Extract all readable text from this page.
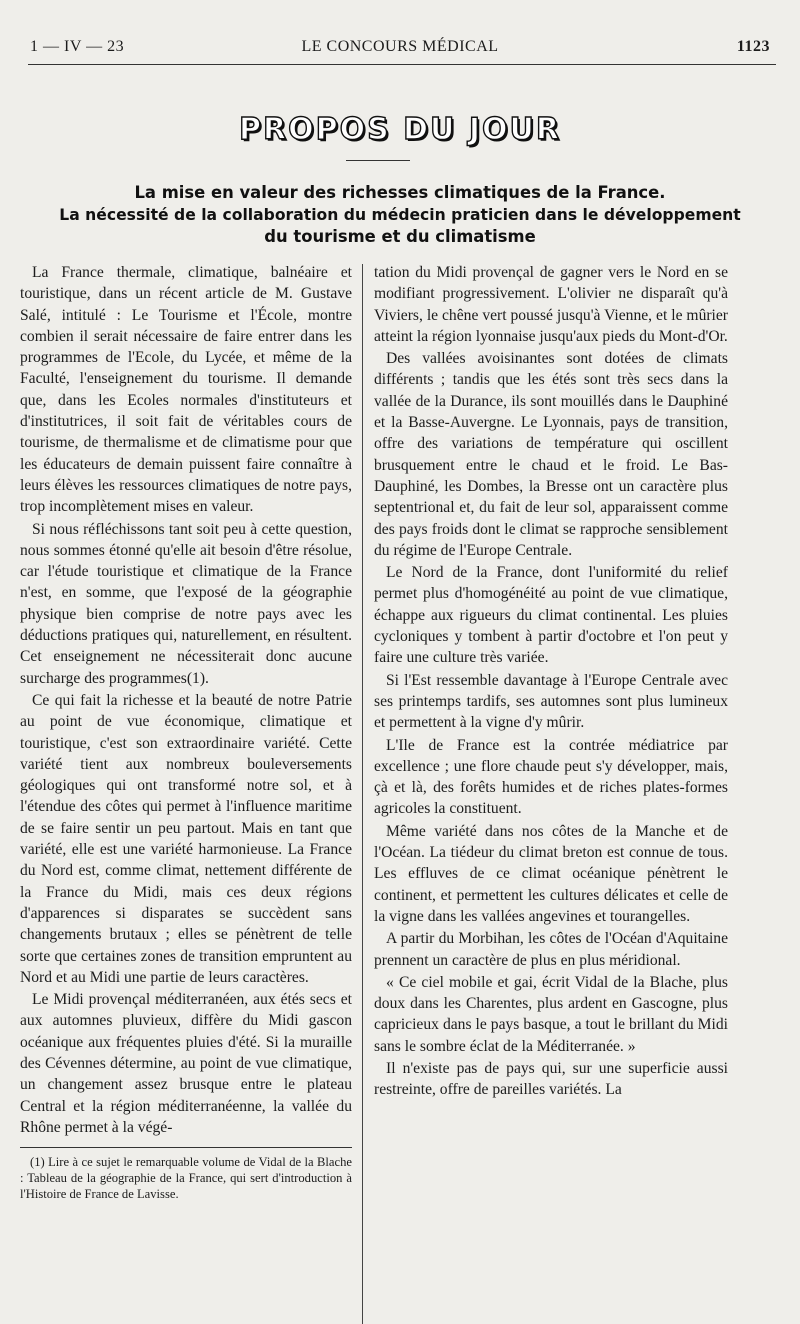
1 — IV — 23	LE CONCOURS MÉDICAL	1123
PROPOS DU JOUR
La mise en valeur des richesses climatiques de la France.
La nécessité de la collaboration du médecin praticien dans le développement
du tourisme et du climatisme

La France thermale, climatique, balnéaire et touristique, dans un récent article de M. Gustave Salé, intitulé : Le Tourisme et l'École, montre combien il serait nécessaire de faire entrer dans les programmes de l'Ecole, du Lycée, et même de la Faculté, l'enseignement du tourisme. Il demande que, dans les Ecoles normales d'instituteurs et d'institutrices, il soit fait de véritables cours de tourisme, de thermalisme et de climatisme pour que les éducateurs de demain puissent faire connaître à leurs élèves les ressources climatiques de notre pays, trop incomplètement mises en valeur.

Si nous réfléchissons tant soit peu à cette question, nous sommes étonné qu'elle ait besoin d'être résolue, car l'étude touristique et climatique de la France n'est, en somme, que l'exposé de la géographie physique bien comprise de notre pays avec les déductions pratiques qui, naturellement, en résultent. Cet enseignement ne nécessiterait donc aucune surcharge des programmes(1).

Ce qui fait la richesse et la beauté de notre Patrie au point de vue économique, climatique et touristique, c'est son extraordinaire variété. Cette variété tient aux nombreux bouleversements géologiques qui ont transformé notre sol, et à l'étendue des côtes qui permet à l'influence maritime de se faire sentir un peu partout. Mais en tant que variété, elle est une variété harmonieuse. La France du Nord est, comme climat, nettement différente de la France du Midi, mais ces deux régions d'apparences si disparates se succèdent sans changements brutaux ; elles se pénètrent de telle sorte que certaines zones de transition empruntent au Nord et au Midi une partie de leurs caractères.

Le Midi provençal méditerranéen, aux étés secs et aux automnes pluvieux, diffère du Midi gascon océanique aux fréquentes pluies d'été. Si la muraille des Cévennes détermine, au point de vue climatique, un changement assez brusque entre le plateau Central et la région méditerranéenne, la vallée du Rhône permet à la végé-

(1) Lire à ce sujet le remarquable volume de Vidal de la Blache : Tableau de la géographie de la France, qui sert d'introduction à l'Histoire de France de Lavisse.

tation du Midi provençal de gagner vers le Nord en se modifiant progressivement. L'olivier ne disparaît qu'à Viviers, le chêne vert poussé jusqu'à Vienne, et le mûrier atteint la région lyonnaise jusqu'aux pieds du Mont-d'Or.

Des vallées avoisinantes sont dotées de climats différents ; tandis que les étés sont très secs dans la vallée de la Durance, ils sont mouillés dans le Dauphiné et la Basse-Auvergne. Le Lyonnais, pays de transition, offre des variations de température qui oscillent brusquement entre le chaud et le froid. Le Bas-Dauphiné, les Dombes, la Bresse ont un caractère plus septentrional et, du fait de leur sol, apparaissent comme des pays froids dont le climat se rapproche sensiblement du régime de l'Europe Centrale.

Le Nord de la France, dont l'uniformité du relief permet plus d'homogénéité au point de vue climatique, échappe aux rigueurs du climat continental. Les pluies cycloniques y tombent à partir d'octobre et l'on peut y faire une culture très variée.

Si l'Est ressemble davantage à l'Europe Centrale avec ses printemps tardifs, ses automnes sont plus lumineux et permettent à la vigne d'y mûrir.

L'Ile de France est la contrée médiatrice par excellence ; une flore chaude peut s'y développer, mais, çà et là, des forêts humides et de riches plates-formes agricoles la constituent.

Même variété dans nos côtes de la Manche et de l'Océan. La tiédeur du climat breton est connue de tous. Les effluves de ce climat océanique pénètrent le continent, et permettent les cultures délicates et celle de la vigne dans les vallées angevines et tourangelles.

A partir du Morbihan, les côtes de l'Océan d'Aquitaine prennent un caractère de plus en plus méridional.

« Ce ciel mobile et gai, écrit Vidal de la Blache, plus doux dans les Charentes, plus ardent en Gascogne, plus capricieux dans le pays basque, a tout le brillant du Midi sans le sombre éclat de la Méditerranée. »

Il n'existe pas de pays qui, sur une superficie aussi restreinte, offre de pareilles variétés. La
